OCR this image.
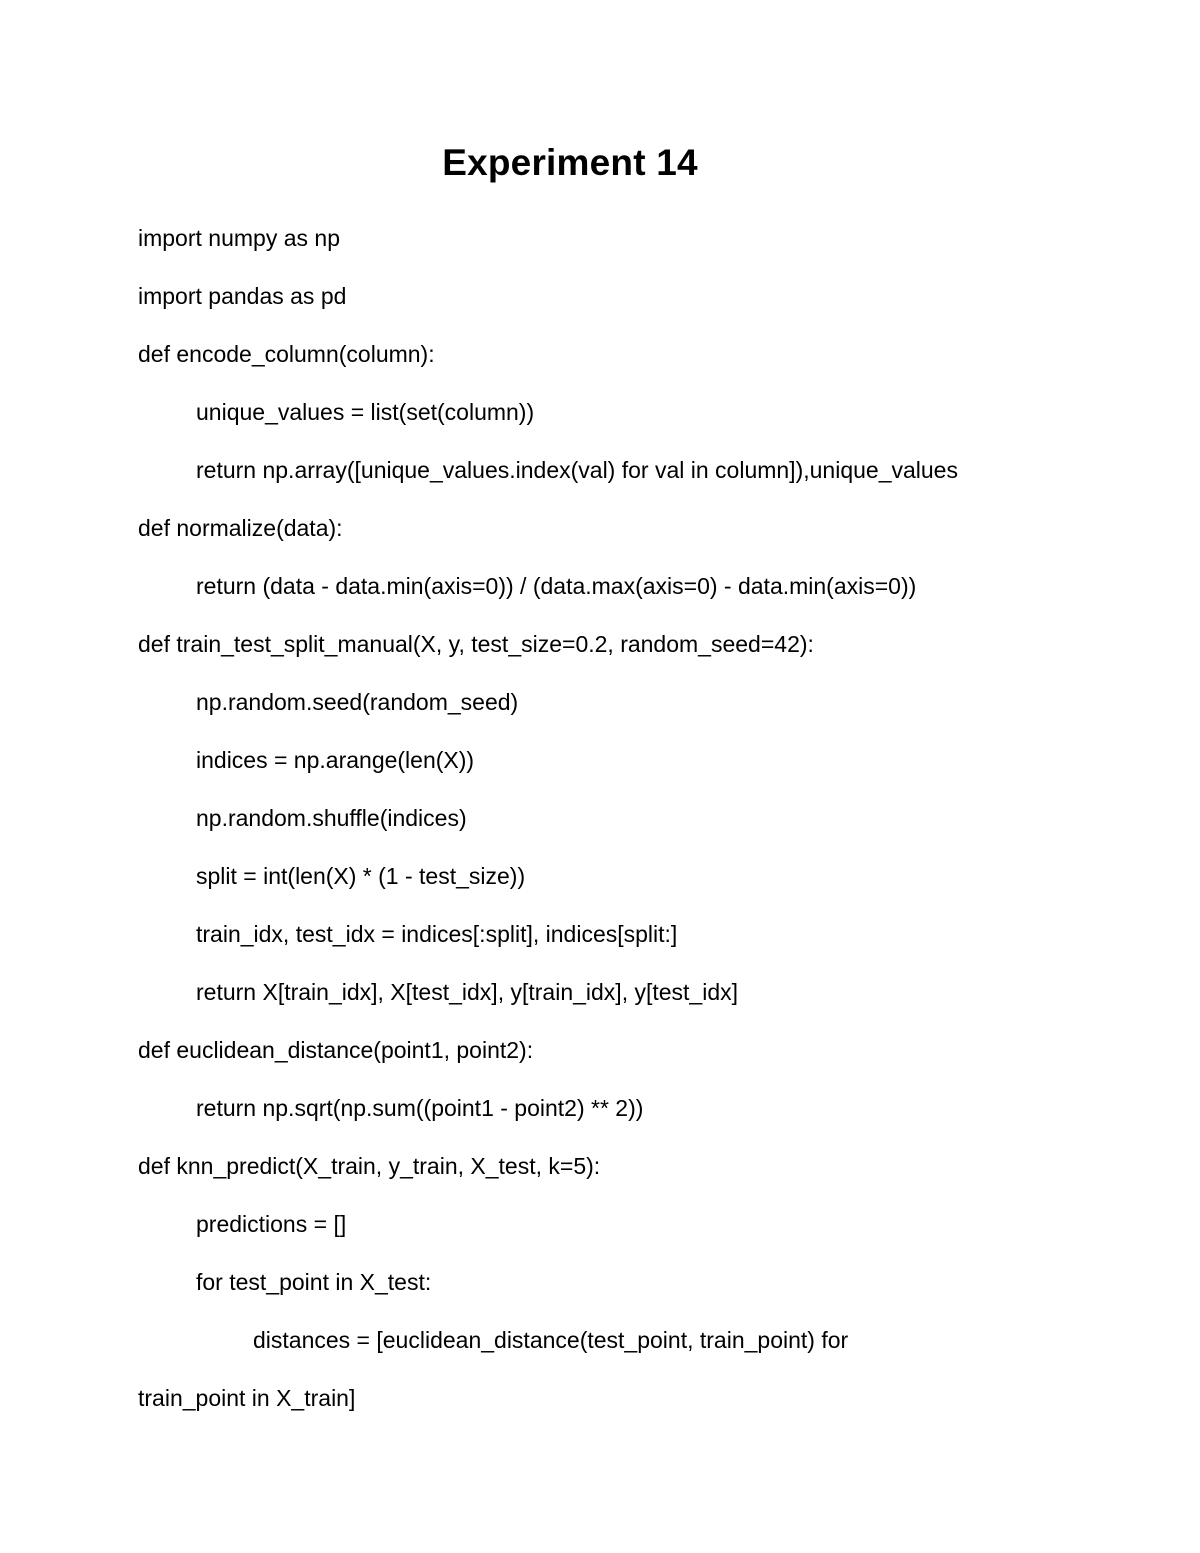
Experiment 14
import numpy as np
import pandas as pd
def encode_column(column):
unique_values = list(set(column))
return np.array([unique_values.index(val) for val in column]),unique_values
def normalize(data):
return (data - data.min(axis=0)) / (data.max(axis=0) - data.min(axis=0))
def train_test_split_manual(X, y, test_size=0.2, random_seed=42):
np.random.seed(random_seed)
indices = np.arange(len(X))
np.random.shuffle(indices)
split = int(len(X) * (1 - test_size))
train_idx, test_idx = indices[:split], indices[split:]
return X[train_idx], X[test_idx], y[train_idx], y[test_idx]
def euclidean_distance(point1, point2):
return np.sqrt(np.sum((point1 - point2) ** 2))
def knn_predict(X_train, y_train, X_test, k=5):
predictions = []
for test_point in X_test:
distances = [euclidean_distance(test_point, train_point) for
train_point in X_train]
